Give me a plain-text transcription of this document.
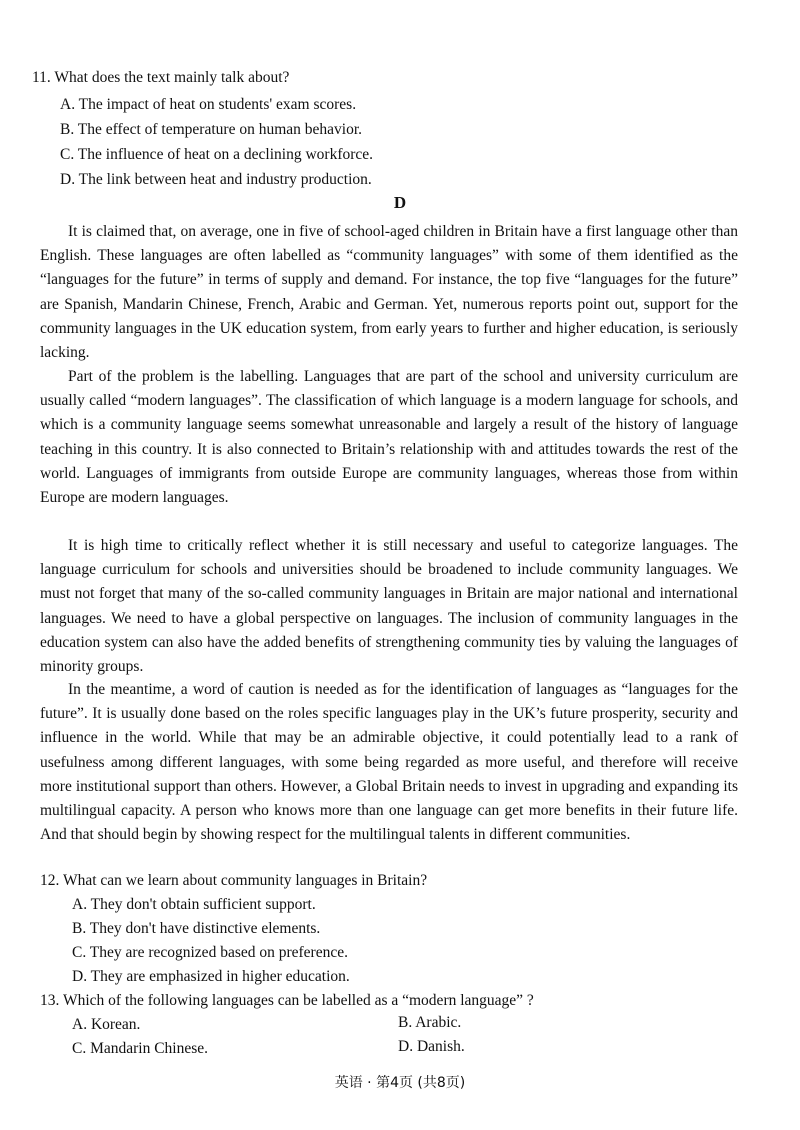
11. What does the text mainly talk about?
A. The impact of heat on students' exam scores.
B. The effect of temperature on human behavior.
C. The influence of heat on a declining workforce.
D. The link between heat and industry production.
D

It is claimed that, on average, one in five of school-aged children in Britain have a first language other than English. These languages are often labelled as “community languages” with some of them identified as the “languages for the future” in terms of supply and demand. For instance, the top five “languages for the future” are Spanish, Mandarin Chinese, French, Arabic and German. Yet, numerous reports point out, support for the community languages in the UK education system, from early years to further and higher education, is seriously lacking.

Part of the problem is the labelling. Languages that are part of the school and university curriculum are usually called “modern languages”. The classification of which language is a modern language for schools, and which is a community language seems somewhat unreasonable and largely a result of the history of language teaching in this country. It is also connected to Britain’s relationship with and attitudes towards the rest of the world. Languages of immigrants from outside Europe are community languages, whereas those from within Europe are modern languages.

It is high time to critically reflect whether it is still necessary and useful to categorize languages. The language curriculum for schools and universities should be broadened to include community languages. We must not forget that many of the so-called community languages in Britain are major national and international languages. We need to have a global perspective on languages. The inclusion of community languages in the education system can also have the added benefits of strengthening community ties by valuing the languages of minority groups.

In the meantime, a word of caution is needed as for the identification of languages as “languages for the future”. It is usually done based on the roles specific languages play in the UK’s future prosperity, security and influence in the world. While that may be an admirable objective, it could potentially lead to a rank of usefulness among different languages, with some being regarded as more useful, and therefore will receive more institutional support than others. However, a Global Britain needs to invest in upgrading and expanding its multilingual capacity. A person who knows more than one language can get more benefits in their future life. And that should begin by showing respect for the multilingual talents in different communities.

12. What can we learn about community languages in Britain?
A. They don't obtain sufficient support.
B. They don't have distinctive elements.
C. They are recognized based on preference.
D. They are emphasized in higher education.
13. Which of the following languages can be labelled as a “modern language” ?
A. Korean.	B. Arabic.
C. Mandarin Chinese.	D. Danish.
英语 · 第4页 (共8页)
